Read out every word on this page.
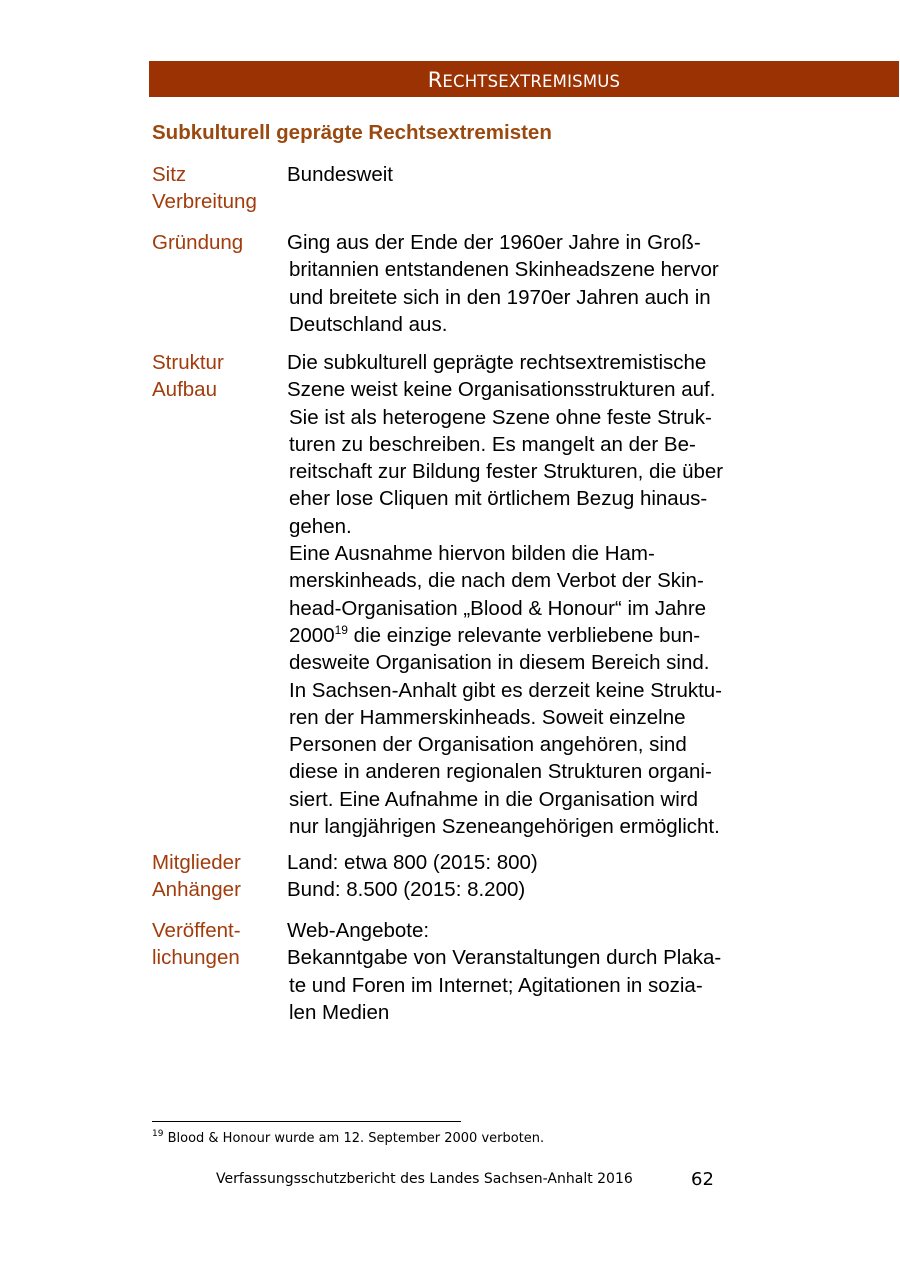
RECHTSEXTREMISMUS
Subkulturell geprägte Rechtsextremisten
Sitz
Verbreitung
Bundesweit
Gründung Ging aus der Ende der 1960er Jahre in Groß-
britannien entstandenen Skinheadszene hervor
und breitete sich in den 1970er Jahren auch in
Deutschland aus.
Struktur
Aufbau
Die subkulturell geprägte rechtsextremistische
Szene weist keine Organisationsstrukturen auf.
Sie ist als heterogene Szene ohne feste Struk-
turen zu beschreiben. Es mangelt an der Be-
reitschaft zur Bildung fester Strukturen, die über
eher lose Cliquen mit örtlichem Bezug hinaus-
gehen.
Eine Ausnahme hiervon bilden die Ham-
merskinheads, die nach dem Verbot der Skin-
head-Organisation „Blood & Honour“ im Jahre
2000$^{19}$ die einzige relevante verbliebene bun-
desweite Organisation in diesem Bereich sind.
In Sachsen-Anhalt gibt es derzeit keine Struktu-
ren der Hammerskinheads. Soweit einzelne
Personen der Organisation angehören, sind
diese in anderen regionalen Strukturen organi-
siert. Eine Aufnahme in die Organisation wird
nur langjährigen Szeneangehörigen ermöglicht.
Mitglieder
Anhänger
Land: etwa 800 (2015: 800)
Bund: 8.500 (2015: 8.200)
Veröffent-
lichungen
Web-Angebote:
Bekanntgabe von Veranstaltungen durch Plaka-
te und Foren im Internet; Agitationen in sozia-
len Medien
$^{19}$ Blood & Honour wurde am 12. September 2000 verboten.
Verfassungsschutzbericht des Landes Sachsen-Anhalt 2016	62
